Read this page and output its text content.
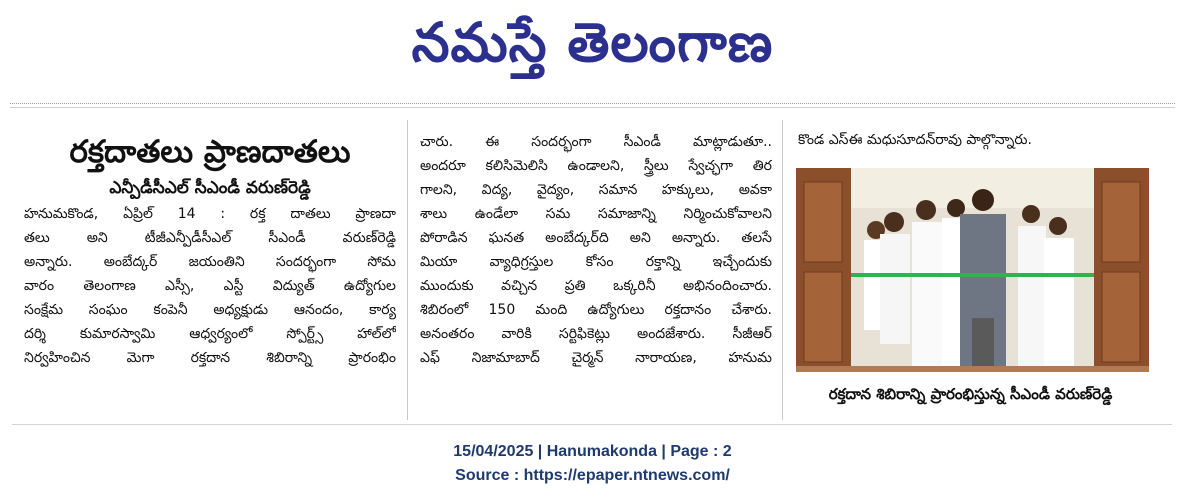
నమస్తే తెలంగాణ
రక్తదాతలు ప్రాణదాతలు
ఎన్పీడీసీఎల్ సీఎండీ వరుణ్‌రెడ్డి
హనుమకొండ, ఏప్రిల్ 14 : రక్త దాతలు ప్రాణదా
తలు అని టీజీఎన్పీడీసీఎల్ సీఎండీ వరుణ్‌రెడ్డి
అన్నారు. అంబేద్కర్ జయంతిని సందర్భంగా సోమ
వారం తెలంగాణ ఎస్సీ, ఎస్టీ విద్యుత్ ఉద్యోగుల
సంక్షేమ సంఘం కంపెనీ అధ్యక్షుడు ఆనందం, కార్య
దర్శి కుమారస్వామి ఆధ్వర్యంలో స్పోర్ట్స్ హాల్‌లో
నిర్వహించిన మెగా రక్తదాన శిబిరాన్ని ప్రారంభిం
చారు. ఈ సందర్భంగా సీఎండీ మాట్లాడుతూ..
అందరూ కలిసిమెలిసి ఉండాలని, స్త్రీలు స్వేచ్ఛగా తిర
గాలని, విద్య, వైద్యం, సమాన హక్కులు, అవకా
శాలు ఉండేలా సమ సమాజాన్ని నిర్మించుకోవాలని
పోరాడిన ఘనత అంబేద్కర్‌ది అని అన్నారు. తలసే
మియా వ్యాధిగ్రస్తుల కోసం రక్తాన్ని ఇచ్చేందుకు
ముందుకు వచ్చిన ప్రతి ఒక్కరినీ అభినందించారు.
శిబిరంలో 150 మంది ఉద్యోగులు రక్తదానం చేశారు.
అనంతరం వారికి సర్టిఫికెట్లు అందజేశారు. సీజీఆర్
ఎఫ్ నిజామాబాద్ చైర్మన్ నారాయణ, హనుమ
కొండ ఎస్ఈ మధుసూదన్‌రావు పాల్గొన్నారు.
రక్తదాన శిబిరాన్ని ప్రారంభిస్తున్న సీఎండీ వరుణ్‌రెడ్డి
15/04/2025 | Hanumakonda | Page : 2
Source : https://epaper.ntnews.com/
